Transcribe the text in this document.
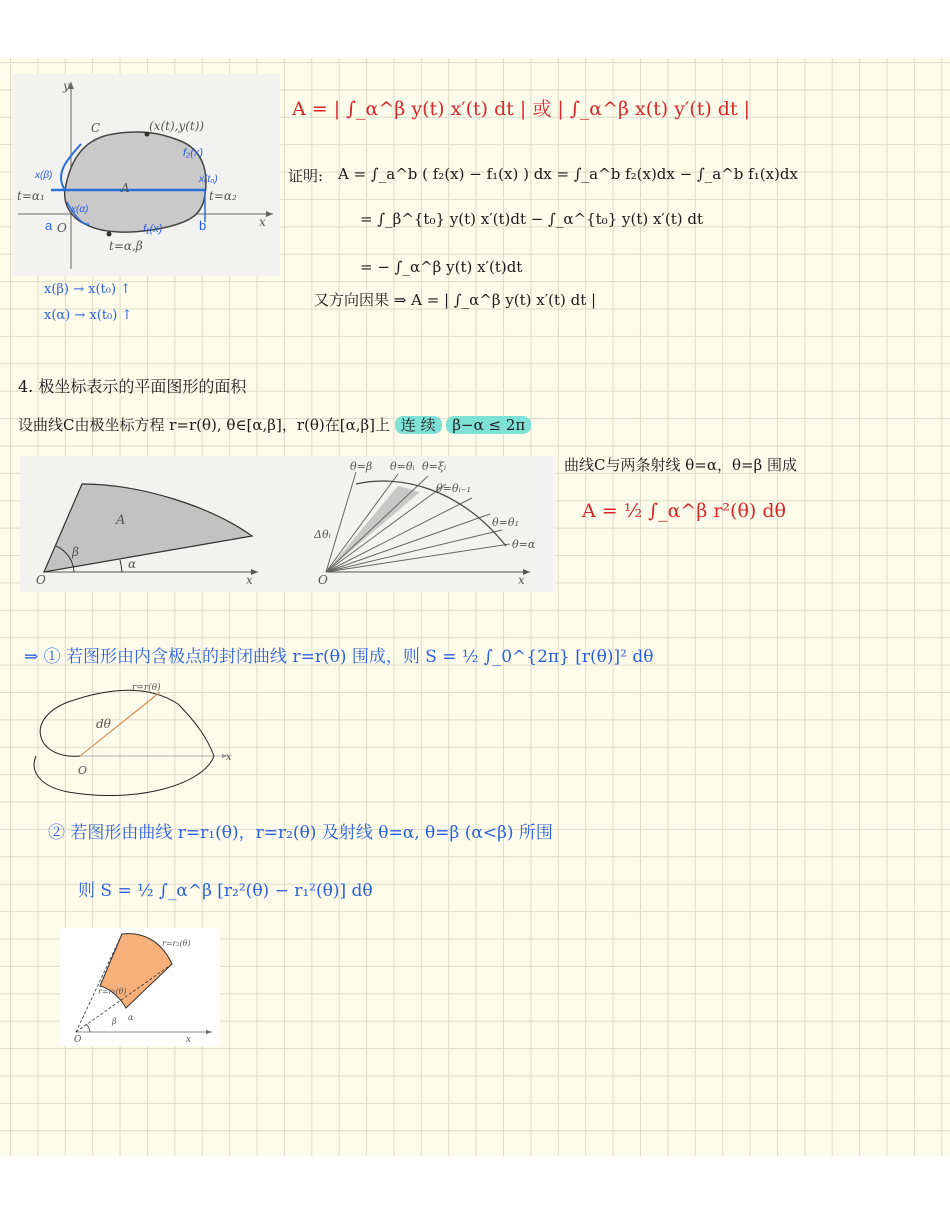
y
x
O
(x(t),y(t))
C
A
t=α₁	t=α₂
t=α,β
f₂(x)
f₁(x)
x(β)	x(t₀)
x(α)
a	b
A = | ∫_α^β y(t) x′(t) dt | 或 | ∫_α^β x(t) y′(t) dt |
证明: A = ∫_a^b ( f₂(x) − f₁(x) ) dx = ∫_a^b f₂(x)dx − ∫_a^b f₁(x)dx
= ∫_β^{t₀} y(t) x′(t)dt − ∫_α^{t₀} y(t) x′(t) dt
= − ∫_α^β y(t) x′(t)dt
又方向因果 ⇒ A = | ∫_α^β y(t) x′(t) dt |
x(β) → x(t₀) ↑
x(α) → x(t₀) ↑
4. 极坐标表示的平面图形的面积
设曲线C由极坐标方程 r=r(θ), θ∈[α,β]，r(θ)在[α,β]上 连 续 β−α ≤ 2π
A
β
α
O	x
θ=β θ=θᵢ θ=ξᵢ
θ=θᵢ₋₁
θ=θ₁
θ=α
Δθᵢ
O	x
曲线C与两条射线 θ=α，θ=β 围成
A = ½ ∫_α^β r²(θ) dθ
⇒ ① 若图形由内含极点的封闭曲线 r=r(θ) 围成，则 S = ½ ∫_0^{2π} [r(θ)]² dθ
r=r(θ)
dθ
O
x
② 若图形由曲线 r=r₁(θ)，r=r₂(θ) 及射线 θ=α, θ=β (α<β) 所围
则 S = ½ ∫_α^β [r₂²(θ) − r₁²(θ)] dθ
r=r₂(θ)
r=r₁(θ)
β α
O	x
